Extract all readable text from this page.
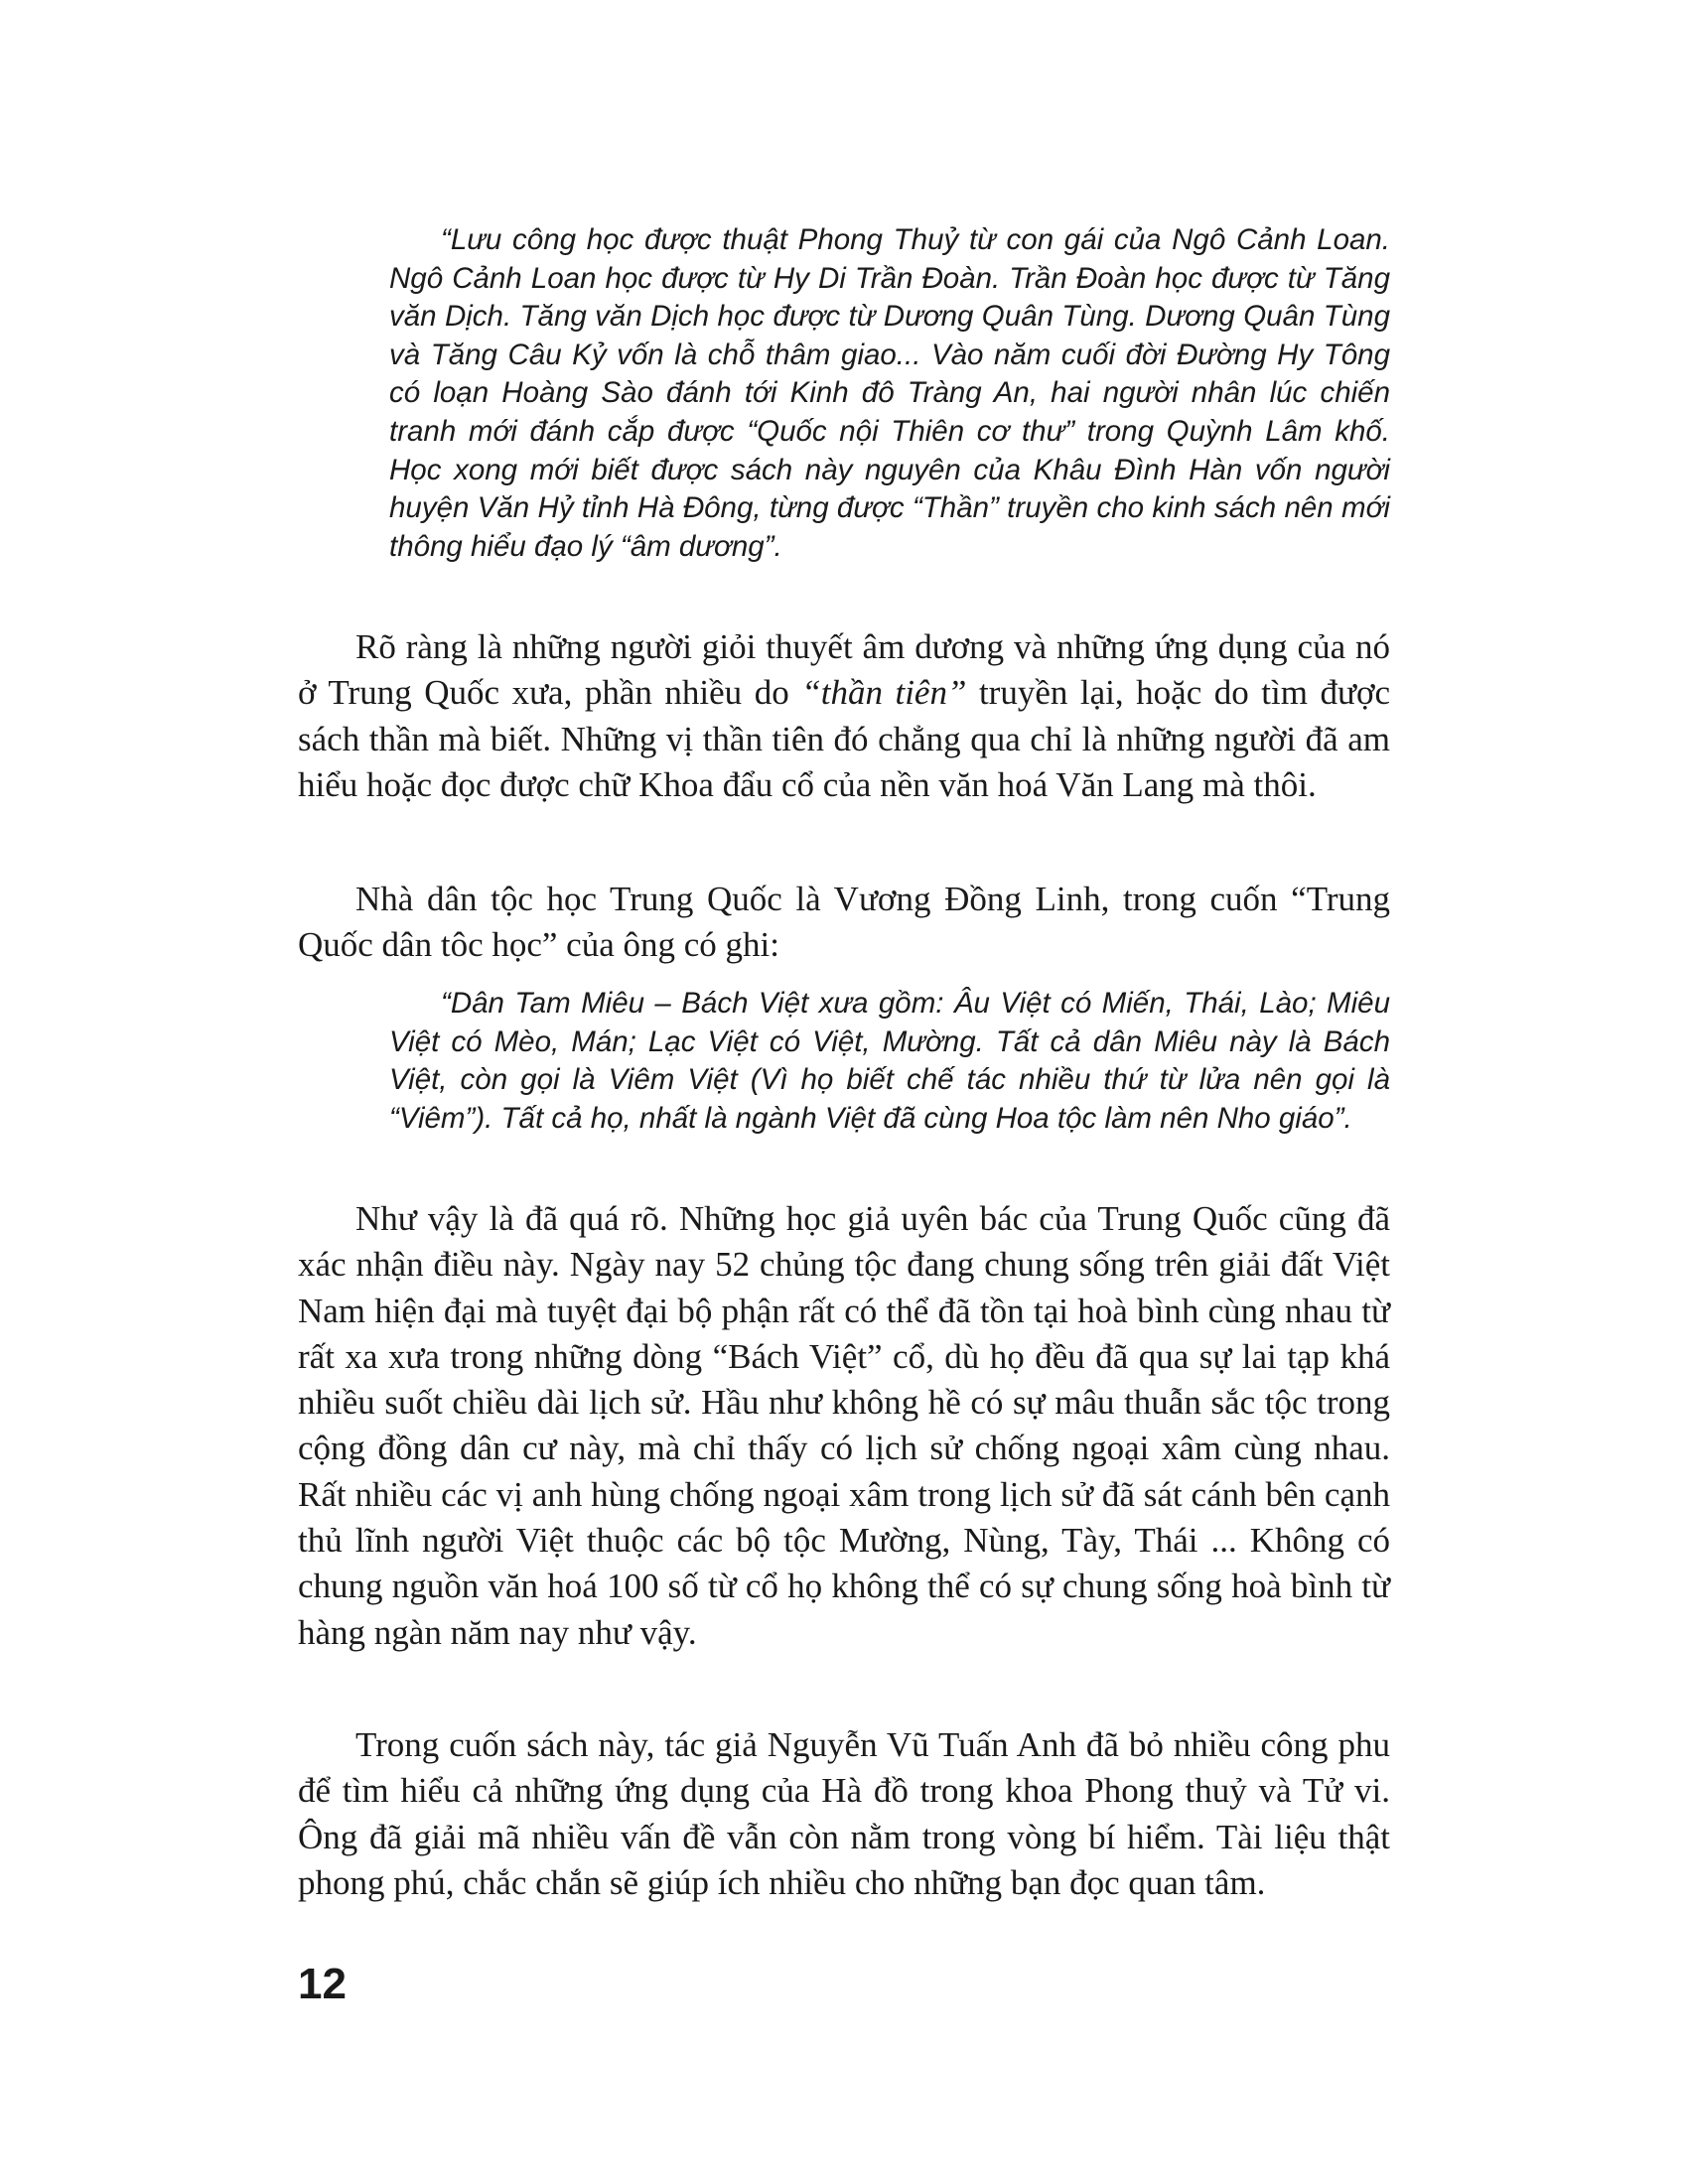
“Lưu công học được thuật Phong Thuỷ từ con gái của Ngô Cảnh Loan. Ngô Cảnh Loan học được từ Hy Di Trần Đoàn. Trần Đoàn học được từ Tăng văn Dịch. Tăng văn Dịch học được từ Dương Quân Tùng. Dương Quân Tùng và Tăng Câu Kỷ vốn là chỗ thâm giao... Vào năm cuối đời Đường Hy Tông có loạn Hoàng Sào đánh tới Kinh đô Tràng An, hai người nhân lúc chiến tranh mới đánh cắp được “Quốc nội Thiên cơ thư” trong Quỳnh Lâm khố. Học xong mới biết được sách này nguyên của Khâu Đình Hàn vốn người huyện Văn Hỷ tỉnh Hà Đông, từng được “Thần” truyền cho kinh sách nên mới thông hiểu đạo lý “âm dương”.

Rõ ràng là những người giỏi thuyết âm dương và những ứng dụng của nó ở Trung Quốc xưa, phần nhiều do “thần tiên” truyền lại, hoặc do tìm được sách thần mà biết. Những vị thần tiên đó chẳng qua chỉ là những người đã am hiểu hoặc đọc được chữ Khoa đẩu cổ của nền văn hoá Văn Lang mà thôi.

Nhà dân tộc học Trung Quốc là Vương Đồng Linh, trong cuốn “Trung Quốc dân tôc học” của ông có ghi:

“Dân Tam Miêu – Bách Việt xưa gồm: Âu Việt có Miến, Thái, Lào; Miêu Việt có Mèo, Mán; Lạc Việt có Việt, Mường. Tất cả dân Miêu này là Bách Việt, còn gọi là Viêm Việt (Vì họ biết chế tác nhiều thứ từ lửa nên gọi là “Viêm”). Tất cả họ, nhất là ngành Việt đã cùng Hoa tộc làm nên Nho giáo”.

Như vậy là đã quá rõ. Những học giả uyên bác của Trung Quốc cũng đã xác nhận điều này. Ngày nay 52 chủng tộc đang chung sống trên giải đất Việt Nam hiện đại mà tuyệt đại bộ phận rất có thể đã tồn tại hoà bình cùng nhau từ rất xa xưa trong những dòng “Bách Việt” cổ, dù họ đều đã qua sự lai tạp khá nhiều suốt chiều dài lịch sử. Hầu như không hề có sự mâu thuẫn sắc tộc trong cộng đồng dân cư này, mà chỉ thấy có lịch sử chống ngoại xâm cùng nhau. Rất nhiều các vị anh hùng chống ngoại xâm trong lịch sử đã sát cánh bên cạnh thủ lĩnh người Việt thuộc các bộ tộc Mường, Nùng, Tày, Thái ... Không có chung nguồn văn hoá 100 số từ cổ họ không thể có sự chung sống hoà bình từ hàng ngàn năm nay như vậy.

Trong cuốn sách này, tác giả Nguyễn Vũ Tuấn Anh đã bỏ nhiều công phu để tìm hiểu cả những ứng dụng của Hà đồ trong khoa Phong thuỷ và Tử vi. Ông đã giải mã nhiều vấn đề vẫn còn nằm trong vòng bí hiểm. Tài liệu thật phong phú, chắc chắn sẽ giúp ích nhiều cho những bạn đọc quan tâm.

12
